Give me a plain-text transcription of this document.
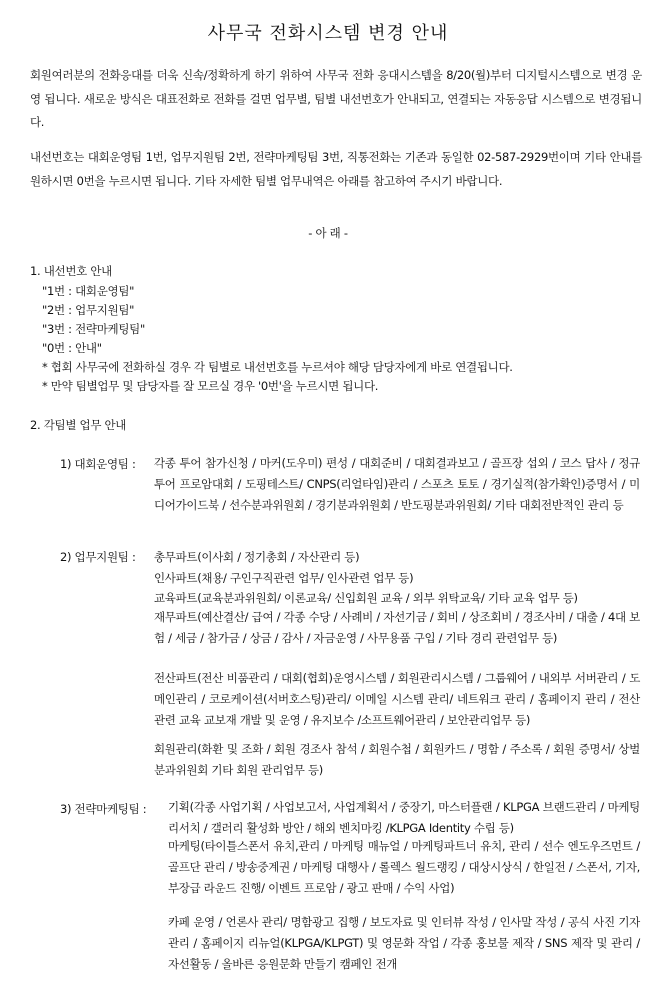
사무국 전화시스템 변경 안내
회원여러분의 전화응대를 더욱 신속/정확하게 하기 위하여 사무국 전화 응대시스템을 8/20(월)부터 디지털시스템으로 변경 운영 됩니다. 새로운 방식은 대표전화로 전화를 걸면 업무별, 팀별 내선번호가 안내되고, 연결되는 자동응답 시스템으로 변경됩니다.
내선번호는 대회운영팀 1번, 업무지원팀 2번, 전략마케팅팀 3번, 직통전화는 기존과 동일한 02-587-2929번이며 기타 안내를 원하시면 0번을 누르시면 됩니다. 기타 자세한 팀별 업무내역은 아래를 참고하여 주시기 바랍니다.
- 아 래 -
1. 내선번호 안내
"1번 : 대회운영팀"
"2번 : 업무지원팀"
"3번 : 전략마케팅팀"
"0번 : 안내"
* 협회 사무국에 전화하실 경우 각 팀별로 내선번호를 누르셔야 해당 담당자에게 바로 연결됩니다.
* 만약 팀별업무 및 담당자를 잘 모르실 경우 '0번'을 누르시면 됩니다.
2. 각팀별 업무 안내
1) 대회운영팀 : 각종 투어 참가신청 / 마커(도우미) 편성 / 대회준비 / 대회결과보고 / 골프장 섭외 / 코스 답사 / 정규투어 프로암대회 / 도핑테스트/ CNPS(리얼타임)관리 / 스포츠 토토 / 경기실적(참가확인)증명서 / 미디어가이드북 / 선수분과위원회 / 경기분과위원회 / 반도핑분과위원회/ 기타 대회전반적인 관리 등
2) 업무지원팀 : 총무파트(이사회 / 정기총회 / 자산관리 등)
인사파트(채용/ 구인구직관련 업무/ 인사관련 업무 등)
교육파트(교육분과위원회/ 이론교육/ 신입회원 교육 / 외부 위탁교육/ 기타 교육 업무 등)
재무파트(예산결산/ 급여 / 각종 수당 / 사례비 / 자선기금 / 회비 / 상조회비 / 경조사비 / 대출 / 4대 보험 / 세금 / 참가금 / 상금 / 감사 / 자금운영 / 사무용품 구입 / 기타 경리 관련업무 등)
전산파트(전산 비품관리 / 대회(협회)운영시스템 / 회원관리시스템 / 그룹웨어 / 내외부 서버관리 / 도메인관리 / 코로케이션(서버호스팅)관리/ 이메일 시스템 관리/ 네트워크 관리 / 홈페이지 관리 / 전산관련 교육 교보재 개발 및 운영 / 유지보수 /소프트웨어관리 / 보안관리업무 등)
회원관리(화환 및 조화 / 회원 경조사 참석 / 회원수첩 / 회원카드 / 명함 / 주소록 / 회원 증명서/ 상벌분과위원회 기타 회원 관리업무 등)
3) 전략마케팅팀 : 기획(각종 사업기획 / 사업보고서, 사업계획서 / 중장기, 마스터플랜 / KLPGA 브랜드관리 / 마케팅 리서치 / 갤러리 활성화 방안 / 해외 벤치마킹 /KLPGA Identity 수립 등)
마케팅(타이틀스폰서 유치,관리 / 마케팅 매뉴얼 / 마케팅파트너 유치, 관리 / 선수 엔도우즈먼트 / 골프단 관리 / 방송중계권 / 마케팅 대행사 / 롤렉스 월드랭킹 / 대상시상식 / 한일전 / 스폰서, 기자,부장급 라운드 진행/ 이벤트 프로암 / 광고 판매 / 수익 사업)
카페 운영 / 언론사 관리/ 명함광고 집행 / 보도자료 및 인터뷰 작성 / 인사말 작성 / 공식 사진 기자 관리 / 홈페이지 리뉴얼(KLPGA/KLPGT) 및 영문화 작업 / 각종 홍보물 제작 / SNS 제작 및 관리 / 자선활동 / 올바른 응원문화 만들기 캠페인 전개
